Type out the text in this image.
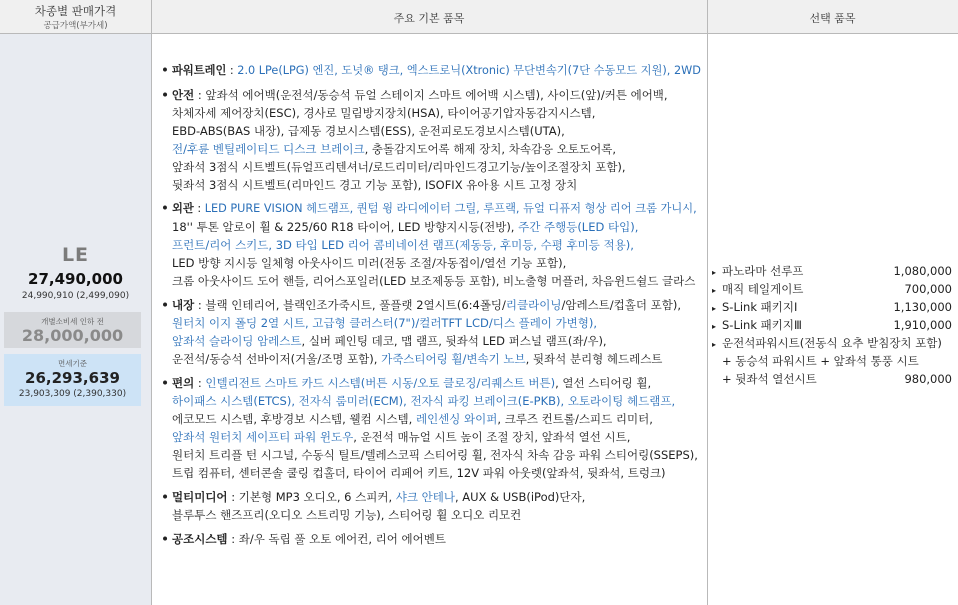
차종별 판매가격
공급가액(부가세)
주요 기본 품목	선택 품목
LE
27,490,000
24,990,910 (2,499,090)
개별소비세 인하 전
28,000,000
면세기준
26,293,639
23,903,309 (2,390,330)
• 파워트레인 : 2.0 LPe(LPG) 엔진, 도넛® 탱크, 엑스트로닉(Xtronic) 무단변속기(7단 수동모드 지원), 2WD
• 안전 : 앞좌석 에어백(운전석/동승석 듀얼 스테이지 스마트 에어백 시스템), 사이드(앞)/커튼 에어백,
차체자세 제어장치(ESC), 경사로 밀림방지장치(HSA), 타이어공기압자동감지시스템,
EBD-ABS(BAS 내장), 급제동 경보시스템(ESS), 운전피로도경보시스템(UTA),
전/후륜 벤틸레이티드 디스크 브레이크, 충돌감지도어록 해제 장치, 차속감응 오토도어록,
앞좌석 3점식 시트벨트(듀얼프리텐셔너/로드리미터/리마인드경고기능/높이조절장치 포함),
뒷좌석 3점식 시트벨트(리마인드 경고 기능 포함), ISOFIX 유아용 시트 고정 장치
• 외관 : LED PURE VISION 헤드램프, 퀀텀 윙 라디에이터 그릴, 루프랙, 듀얼 디퓨저 형상 리어 크롬 가니시,
18'' 투톤 알로이 휠 & 225/60 R18 타이어, LED 방향지시등(전방), 주간 주행등(LED 타입),
프런트/리어 스키드, 3D 타입 LED 리어 콤비네이션 램프(제동등, 후미등, 수평 후미등 적용),
LED 방향 지시등 일체형 아웃사이드 미러(전동 조절/자동접이/열선 기능 포함),
크롬 아웃사이드 도어 핸들, 리어스포일러(LED 보조제동등 포함), 비노출형 머플러, 차음윈드쉴드 글라스
• 내장 : 블랙 인테리어, 블랙인조가죽시트, 풀플랫 2열시트(6:4폴딩/리클라이닝/암레스트/컵홀더 포함),
원터치 이지 폴딩 2열 시트, 고급형 클러스터(7")/컬러TFT LCD/디스 플레이 가변형),
앞좌석 슬라이딩 암레스트, 실버 페인팅 데코, 맵 램프, 뒷좌석 LED 퍼스널 램프(좌/우),
운전석/동승석 선바이저(거울/조명 포함), 가죽스티어링 휠/변속기 노브, 뒷좌석 분리형 헤드레스트
• 편의 : 인텔리전트 스마트 카드 시스템(버튼 시동/오토 클로징/리퀘스트 버튼), 열선 스티어링 휠,
하이패스 시스템(ETCS), 전자식 룸미러(ECM), 전자식 파킹 브레이크(E-PKB), 오토라이팅 헤드램프,
에코모드 시스템, 후방경보 시스템, 웰컴 시스템, 레인센싱 와이퍼, 크루즈 컨트롤/스피드 리미터,
앞좌석 원터치 세이프티 파워 윈도우, 운전석 매뉴얼 시트 높이 조절 장치, 앞좌석 열선 시트,
원터치 트리플 턴 시그널, 수동식 틸트/텔레스코픽 스티어링 휠, 전자식 차속 감응 파워 스티어링(SSEPS),
트립 컴퓨터, 센터콘솔 쿨링 컵홀더, 타이어 리페어 키트, 12V 파워 아웃렛(앞좌석, 뒷좌석, 트렁크)
• 멀티미디어 : 기본형 MP3 오디오, 6 스피커, 샤크 안테나, AUX & USB(iPod)단자,
블루투스 핸즈프리(오디오 스트리밍 기능), 스티어링 휠 오디오 리모컨
• 공조시스템 : 좌/우 독립 풀 오토 에어컨, 리어 에어벤트
▸ 파노라마 선루프	1,080,000
▸ 매직 테일게이트	700,000
▸ S-Link 패키지Ⅰ	1,130,000
▸ S-Link 패키지Ⅲ	1,910,000
▸ 운전석파워시트(전동식 요추 받침장치 포함)
+ 동승석 파워시트 + 앞좌석 통풍 시트
+ 뒷좌석 열선시트	980,000
